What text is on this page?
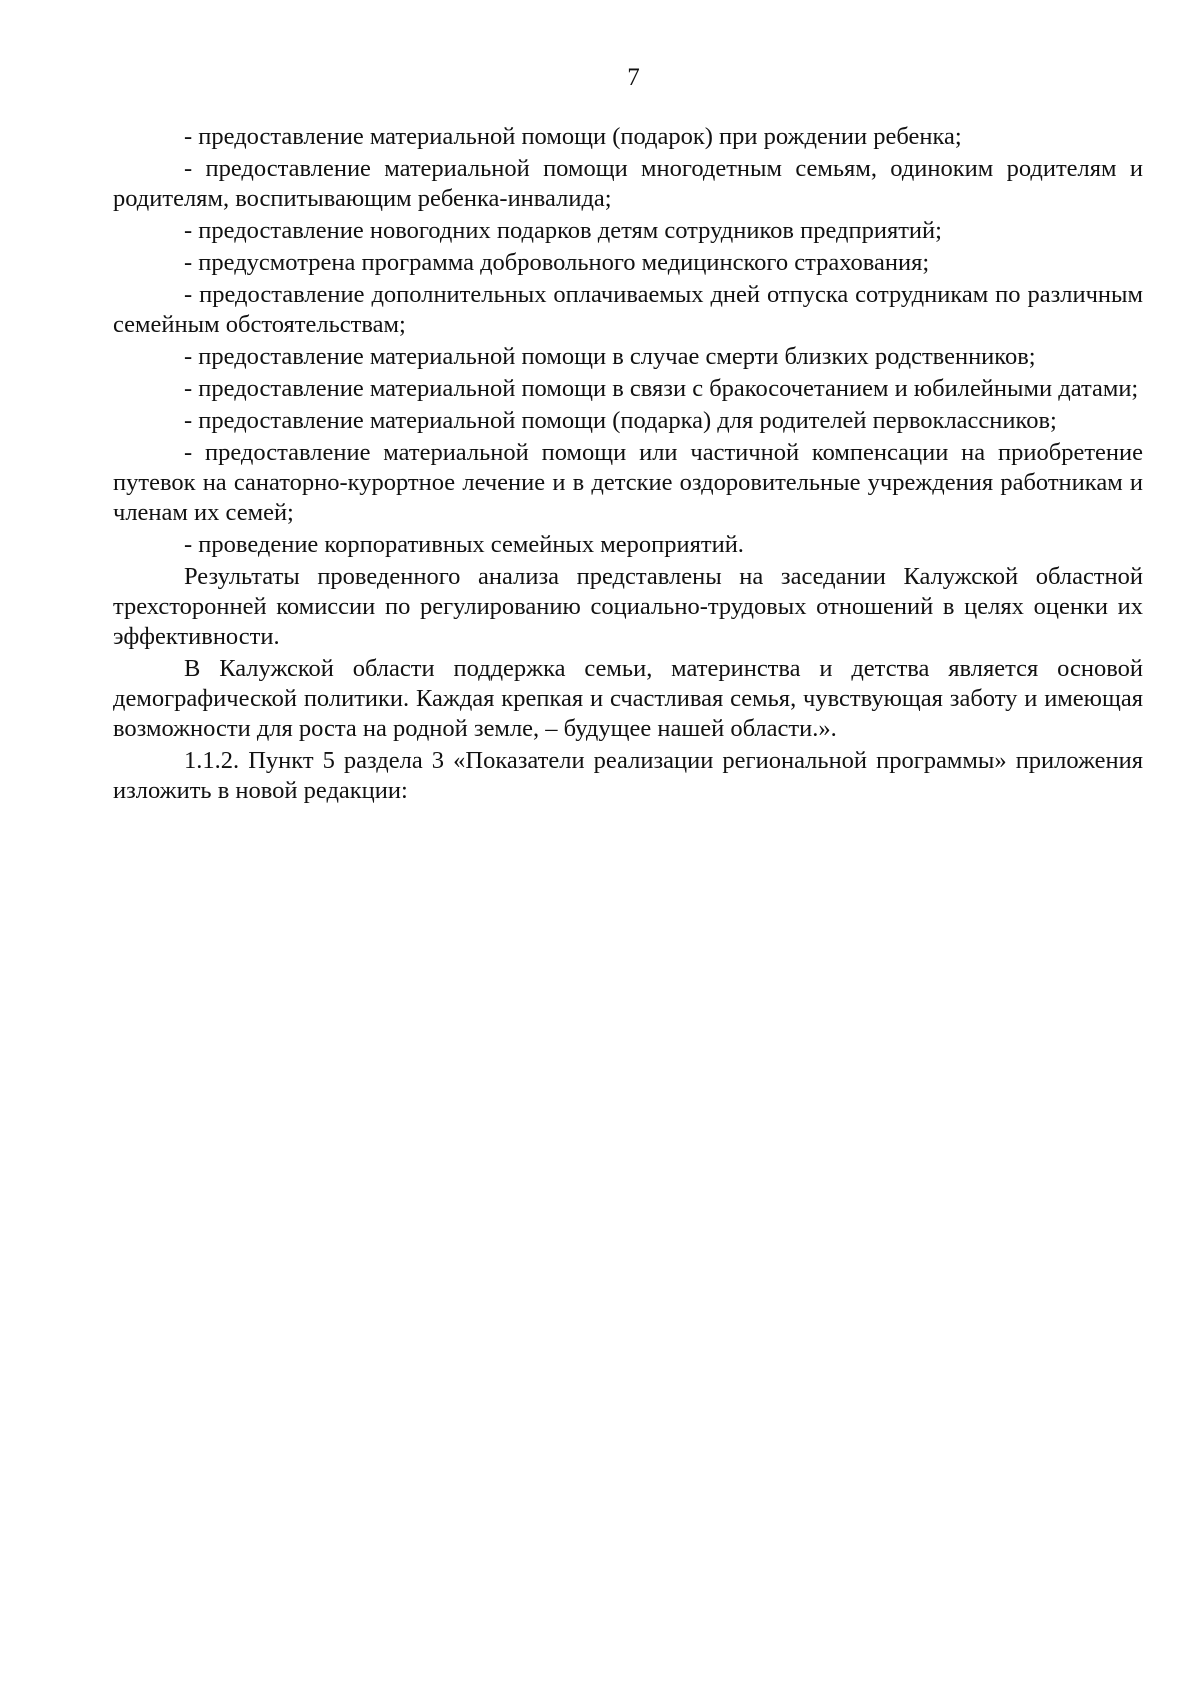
7

- предоставление материальной помощи (подарок) при рождении ребенка;

- предоставление материальной помощи многодетным семьям, одиноким родителям и родителям, воспитывающим ребенка-инвалида;

- предоставление новогодних подарков детям сотрудников предприятий;

- предусмотрена программа добровольного медицинского страхования;

- предоставление дополнительных оплачиваемых дней отпуска сотрудникам по различным семейным обстоятельствам;

- предоставление материальной помощи в случае смерти близких родственников;

- предоставление материальной помощи в связи с бракосочетанием и юбилейными датами;

- предоставление материальной помощи (подарка) для родителей первоклассников;

- предоставление материальной помощи или частичной компенсации на приобретение путевок на санаторно-курортное лечение и в детские оздоровительные учреждения работникам и членам их семей;

- проведение корпоративных семейных мероприятий.

Результаты проведенного анализа представлены на заседании Калужской областной трехсторонней комиссии по регулированию социально-трудовых отношений в целях оценки их эффективности.

В Калужской области поддержка семьи, материнства и детства является основой демографической политики. Каждая крепкая и счастливая семья, чувствующая заботу и имеющая возможности для роста на родной земле, – будущее нашей области.».

1.1.2. Пункт 5 раздела 3 «Показатели реализации региональной программы» приложения изложить в новой редакции:
